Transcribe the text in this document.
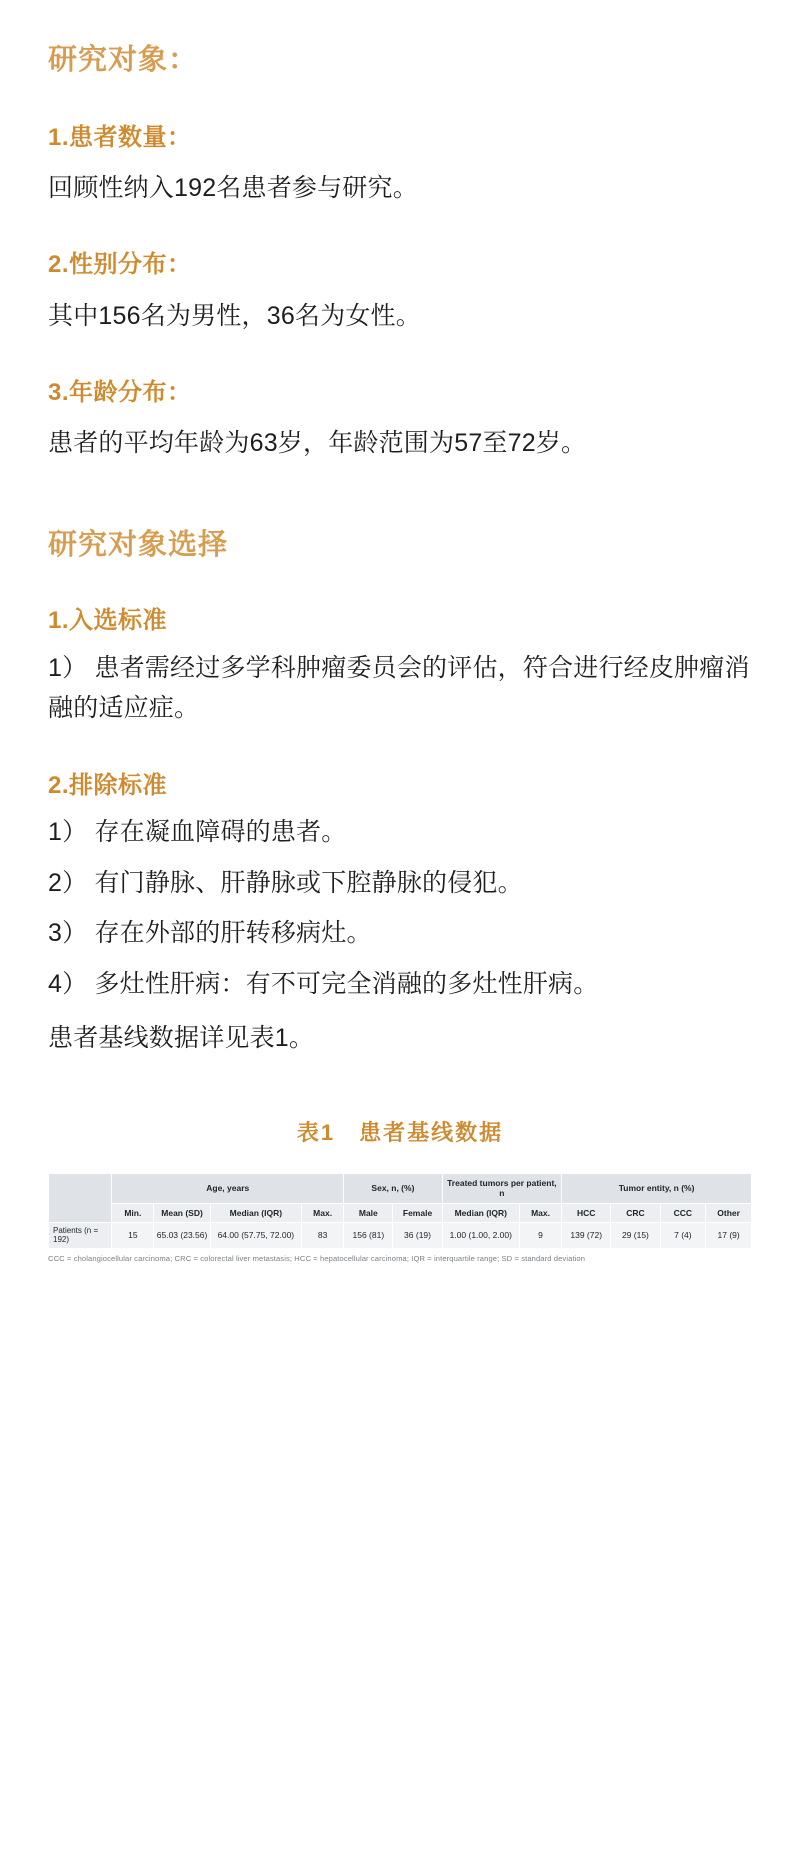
研究对象：
1.患者数量：

回顾性纳入192名患者参与研究。

2.性别分布：

其中156名为男性，36名为女性。

3.年龄分布：

患者的平均年龄为63岁，年龄范围为57至72岁。

研究对象选择
1.入选标准

1） 患者需经过多学科肿瘤委员会的评估，符合进行经皮肿瘤消融的适应症。

2.排除标准

1） 存在凝血障碍的患者。

2） 有门静脉、肝静脉或下腔静脉的侵犯。

3） 存在外部的肝转移病灶。

4） 多灶性肝病：有不可完全消融的多灶性肝病。

患者基线数据详见表1。

表1　患者基线数据
	Age, years				Sex, n, (%)		Treated tumors per patient, n		Tumor entity, n (%)			
	Min.	Mean (SD)	Median (IQR)	Max.	Male	Female	Median (IQR)	Max.	HCC	CRC	CCC	Other
Patients (n = 192)	15	65.03 (23.56)	64.00 (57.75, 72.00)	83	156 (81)	36 (19)	1.00 (1.00, 2.00)	9	139 (72)	29 (15)	7 (4)	17 (9)
CCC = cholangiocellular carcinoma; CRC = colorectal liver metastasis; HCC = hepatocellular carcinoma; IQR = interquartile range; SD = standard deviation
